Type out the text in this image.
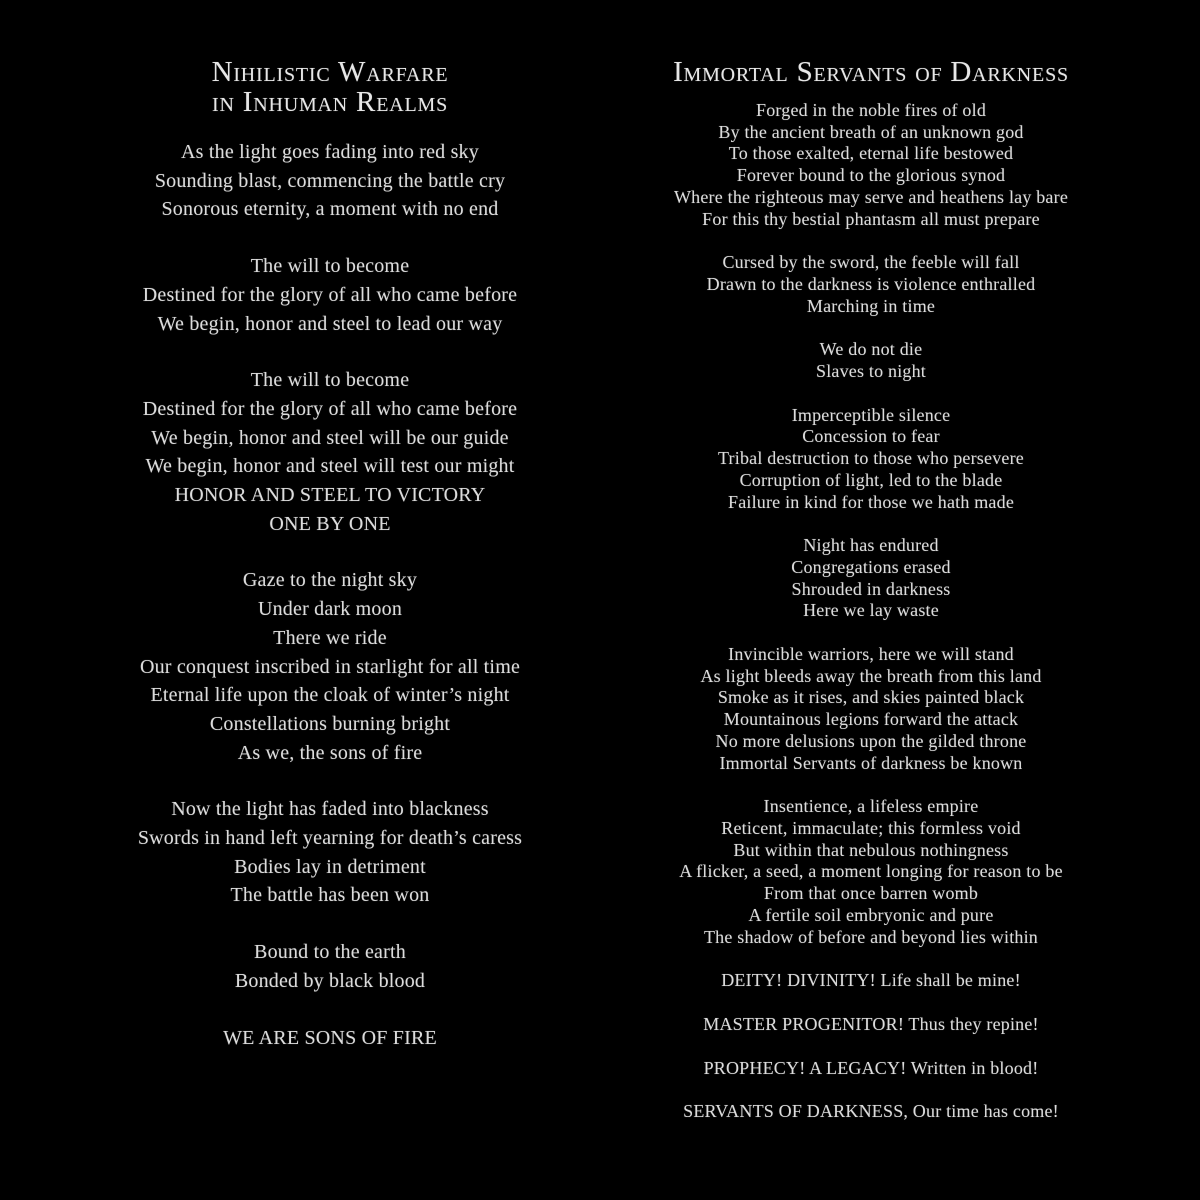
Nihilistic Warfare
in Inhuman Realms

As the light goes fading into red sky
Sounding blast, commencing the battle cry
Sonorous eternity, a moment with no end

The will to become
Destined for the glory of all who came before
We begin, honor and steel to lead our way

The will to become
Destined for the glory of all who came before
We begin, honor and steel will be our guide
We begin, honor and steel will test our might
HONOR AND STEEL TO VICTORY
ONE BY ONE

Gaze to the night sky
Under dark moon
There we ride
Our conquest inscribed in starlight for all time
Eternal life upon the cloak of winter’s night
Constellations burning bright
As we, the sons of fire

Now the light has faded into blackness
Swords in hand left yearning for death’s caress
Bodies lay in detriment
The battle has been won

Bound to the earth
Bonded by black blood

WE ARE SONS OF FIRE

Immortal Servants of Darkness

Forged in the noble fires of old
By the ancient breath of an unknown god
To those exalted, eternal life bestowed
Forever bound to the glorious synod
Where the righteous may serve and heathens lay bare
For this thy bestial phantasm all must prepare

Cursed by the sword, the feeble will fall
Drawn to the darkness is violence enthralled
Marching in time

We do not die
Slaves to night

Imperceptible silence
Concession to fear
Tribal destruction to those who persevere
Corruption of light, led to the blade
Failure in kind for those we hath made

Night has endured
Congregations erased
Shrouded in darkness
Here we lay waste

Invincible warriors, here we will stand
As light bleeds away the breath from this land
Smoke as it rises, and skies painted black
Mountainous legions forward the attack
No more delusions upon the gilded throne
Immortal Servants of darkness be known

Insentience, a lifeless empire
Reticent, immaculate; this formless void
But within that nebulous nothingness
A flicker, a seed, a moment longing for reason to be
From that once barren womb
A fertile soil embryonic and pure
The shadow of before and beyond lies within

DEITY! DIVINITY! Life shall be mine!

MASTER PROGENITOR! Thus they repine!

PROPHECY! A LEGACY! Written in blood!

SERVANTS OF DARKNESS, Our time has come!
